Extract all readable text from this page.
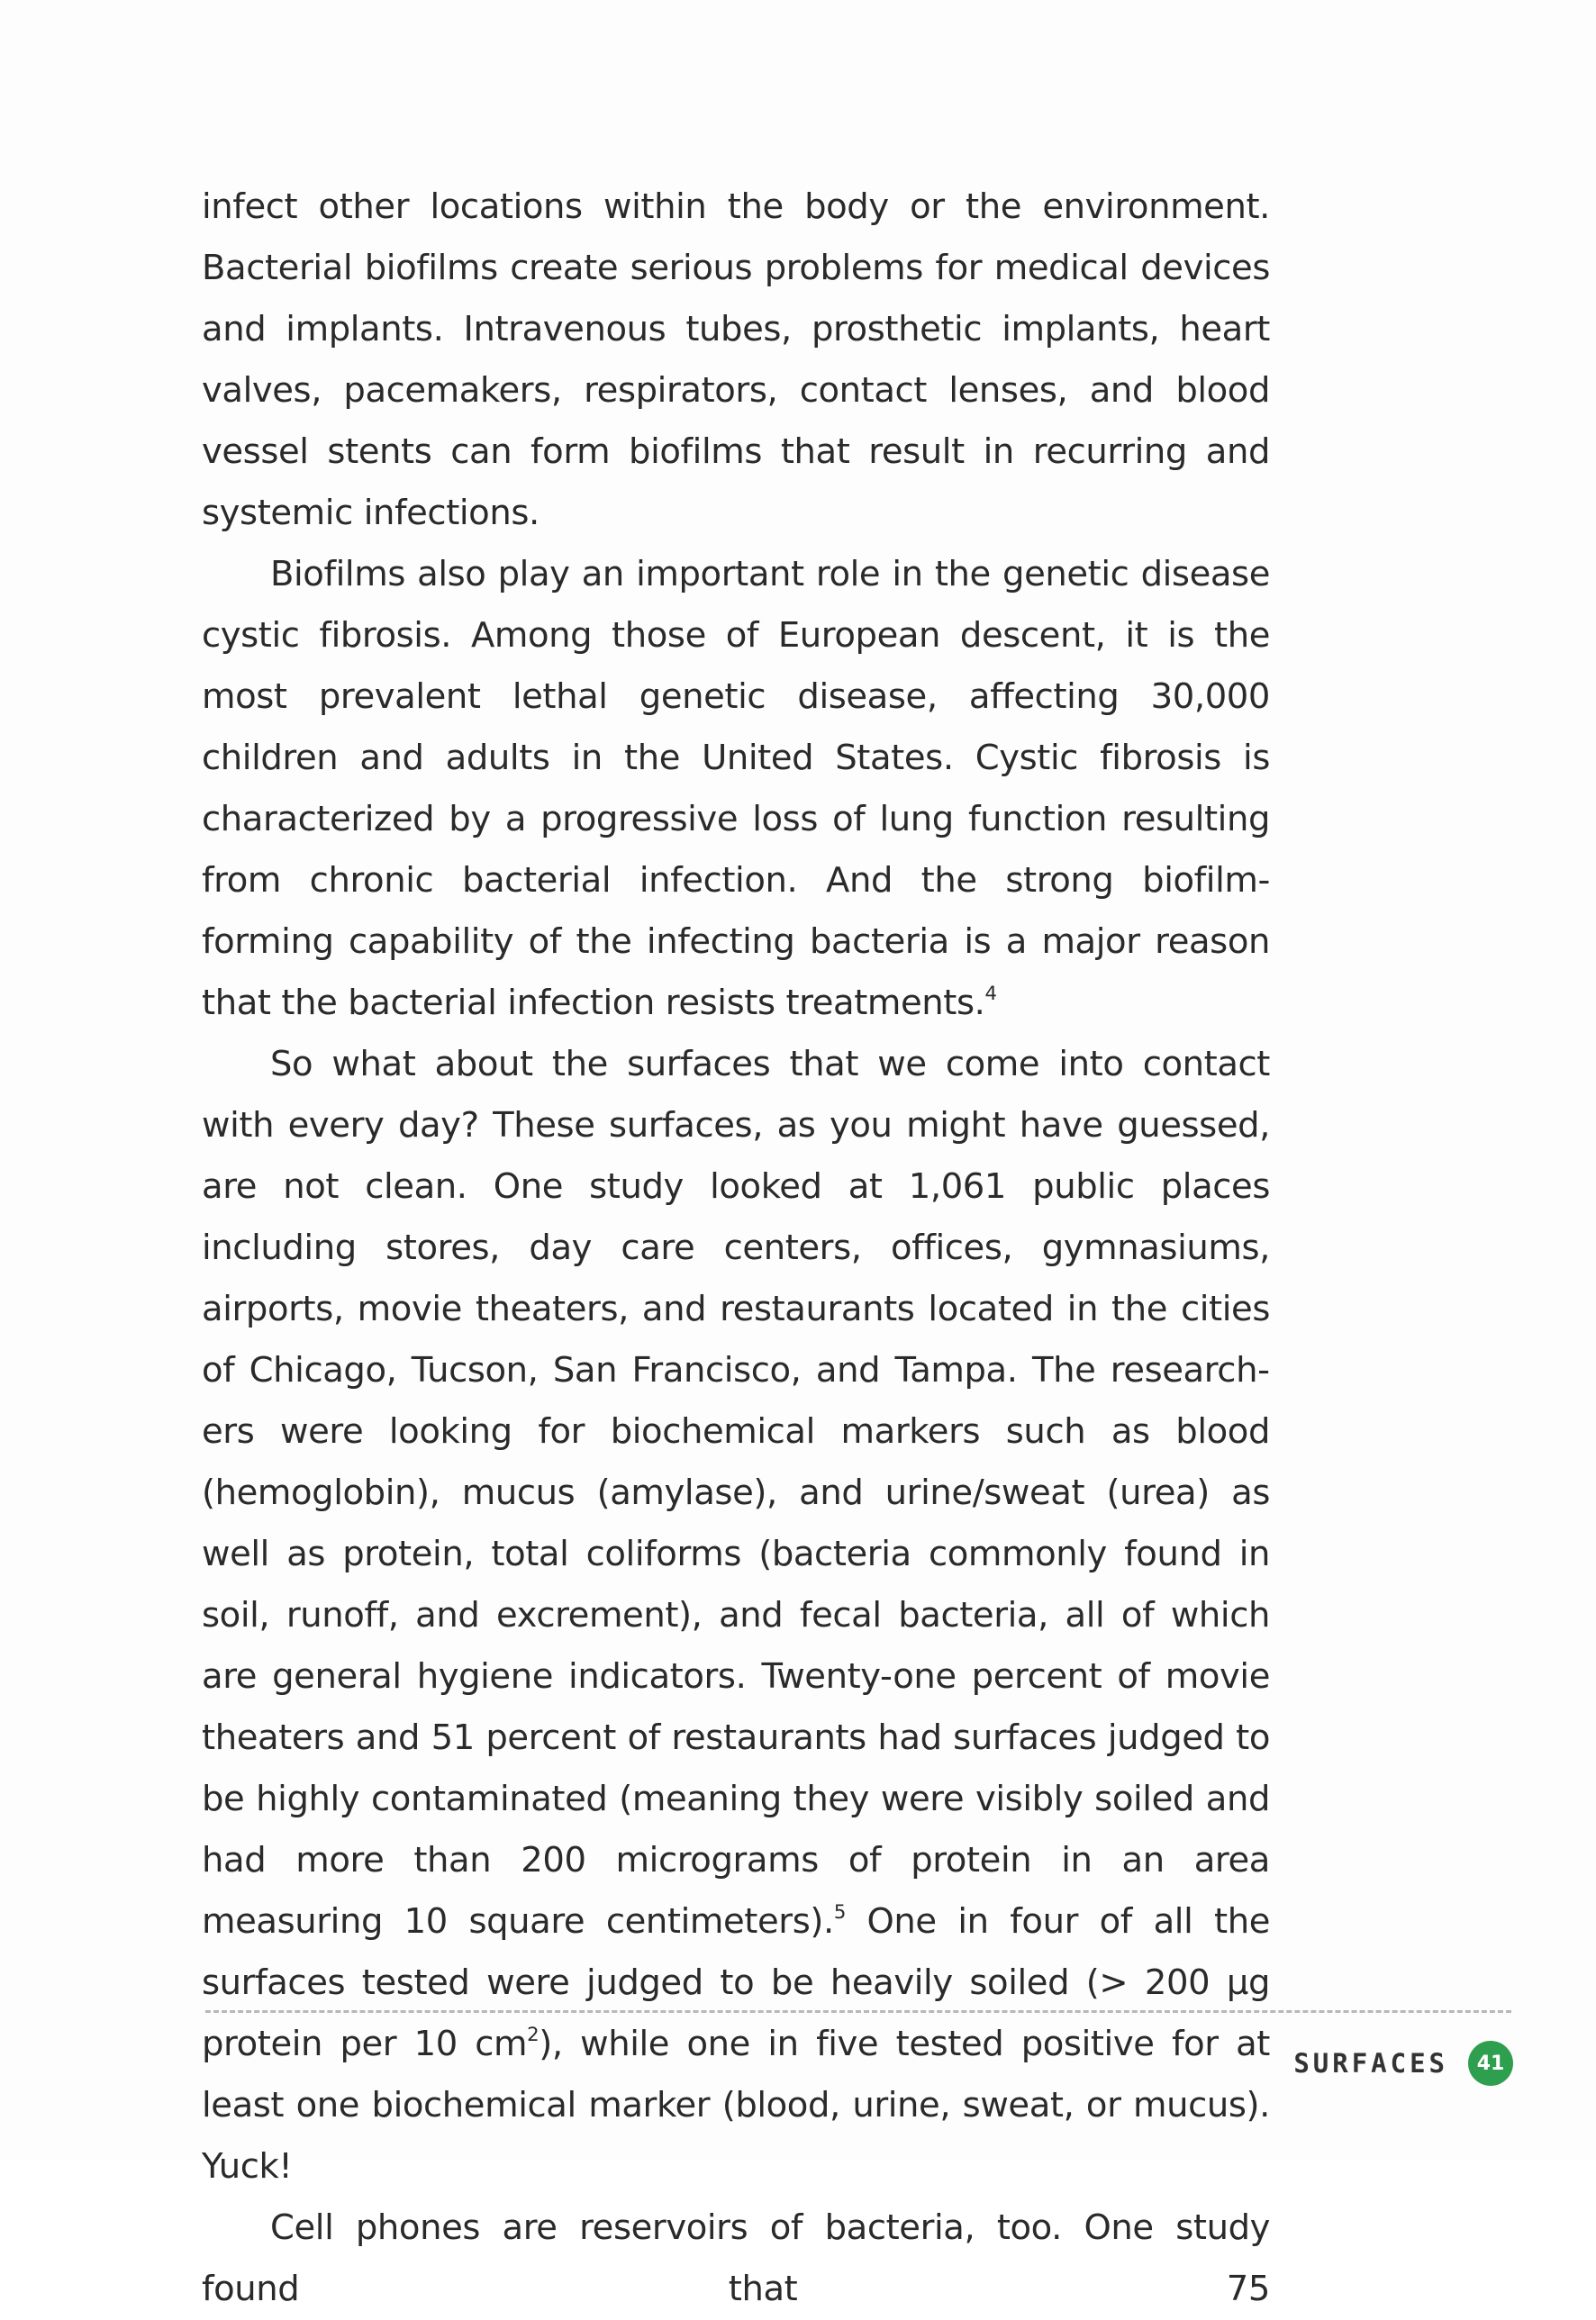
infect other locations within the body or the environment. Bacterial biofilms create serious problems for medical devices and implants. Intravenous tubes, prosthetic implants, heart valves, pacemakers, respirators, contact lenses, and blood vessel stents can form biofilms that result in recurring and systemic infections.

Biofilms also play an important role in the genetic disease cystic fibrosis. Among those of European descent, it is the most prevalent lethal genetic disease, affecting 30,000 children and adults in the United States. Cystic fibrosis is characterized by a progressive loss of lung function resulting from chronic bacterial infection. And the strong biofilm-forming capability of the infecting bacteria is a major reason that the bacterial infection resists treatments.$^4$

So what about the surfaces that we come into contact with every day? These surfaces, as you might have guessed, are not clean. One study looked at 1,061 public places including stores, day care centers, offices, gymnasiums, airports, movie theaters, and restaurants located in the cities of Chicago, Tucson, San Francisco, and Tampa. The researchers were looking for biochemical markers such as blood (hemoglobin), mucus (amylase), and urine/sweat (urea) as well as protein, total coliforms (bacteria commonly found in soil, runoff, and excrement), and fecal bacteria, all of which are general hygiene indicators. Twenty-one percent of movie theaters and 51 percent of restaurants had surfaces judged to be highly contaminated (meaning they were visibly soiled and had more than 200 micrograms of protein in an area measuring 10 square centimeters).$^5$ One in four of all the surfaces tested were judged to be heavily soiled (> 200 µg protein per 10 $cm^2$), while one in five tested positive for at least one biochemical marker (blood, urine, sweat, or mucus). Yuck!

Cell phones are reservoirs of bacteria, too. One study found that 75

SURFACES	41
